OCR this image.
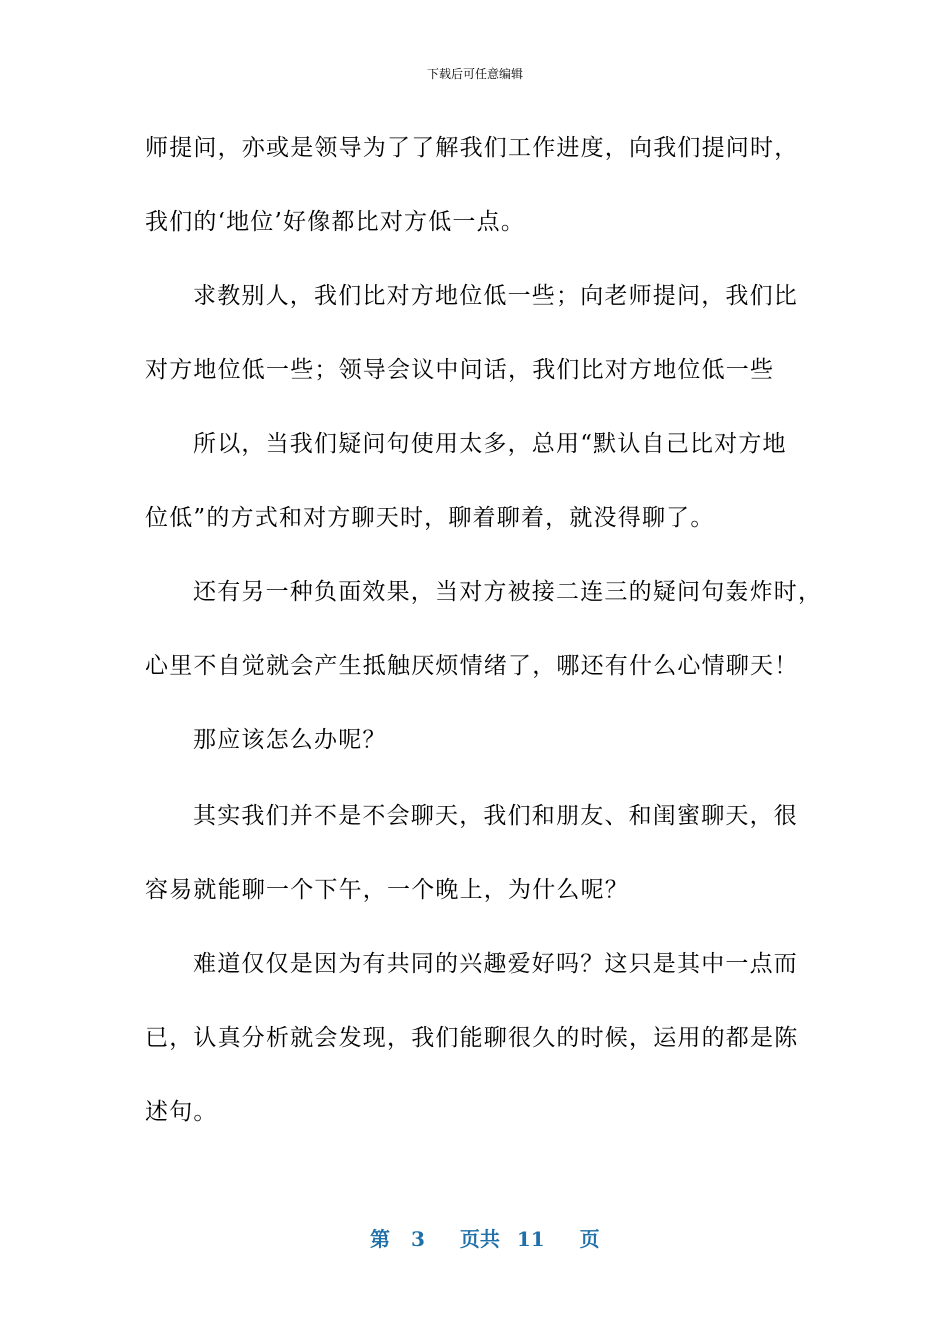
下载后可任意编辑
师提问，亦或是领导为了了解我们工作进度，向我们提问时，
我们的‘地位’好像都比对方低一点。
求教别人，我们比对方地位低一些；向老师提问，我们比
对方地位低一些；领导会议中问话，我们比对方地位低一些
所以，当我们疑问句使用太多，总用“默认自己比对方地
位低”的方式和对方聊天时，聊着聊着，就没得聊了。
还有另一种负面效果，当对方被接二连三的疑问句轰炸时，
心里不自觉就会产生抵触厌烦情绪了，哪还有什么心情聊天！
那应该怎么办呢？
其实我们并不是不会聊天，我们和朋友、和闺蜜聊天，很
容易就能聊一个下午，一个晚上，为什么呢？
难道仅仅是因为有共同的兴趣爱好吗？这只是其中一点而
已，认真分析就会发现，我们能聊很久的时候，运用的都是陈
述句。
第 3 页共 11 页
